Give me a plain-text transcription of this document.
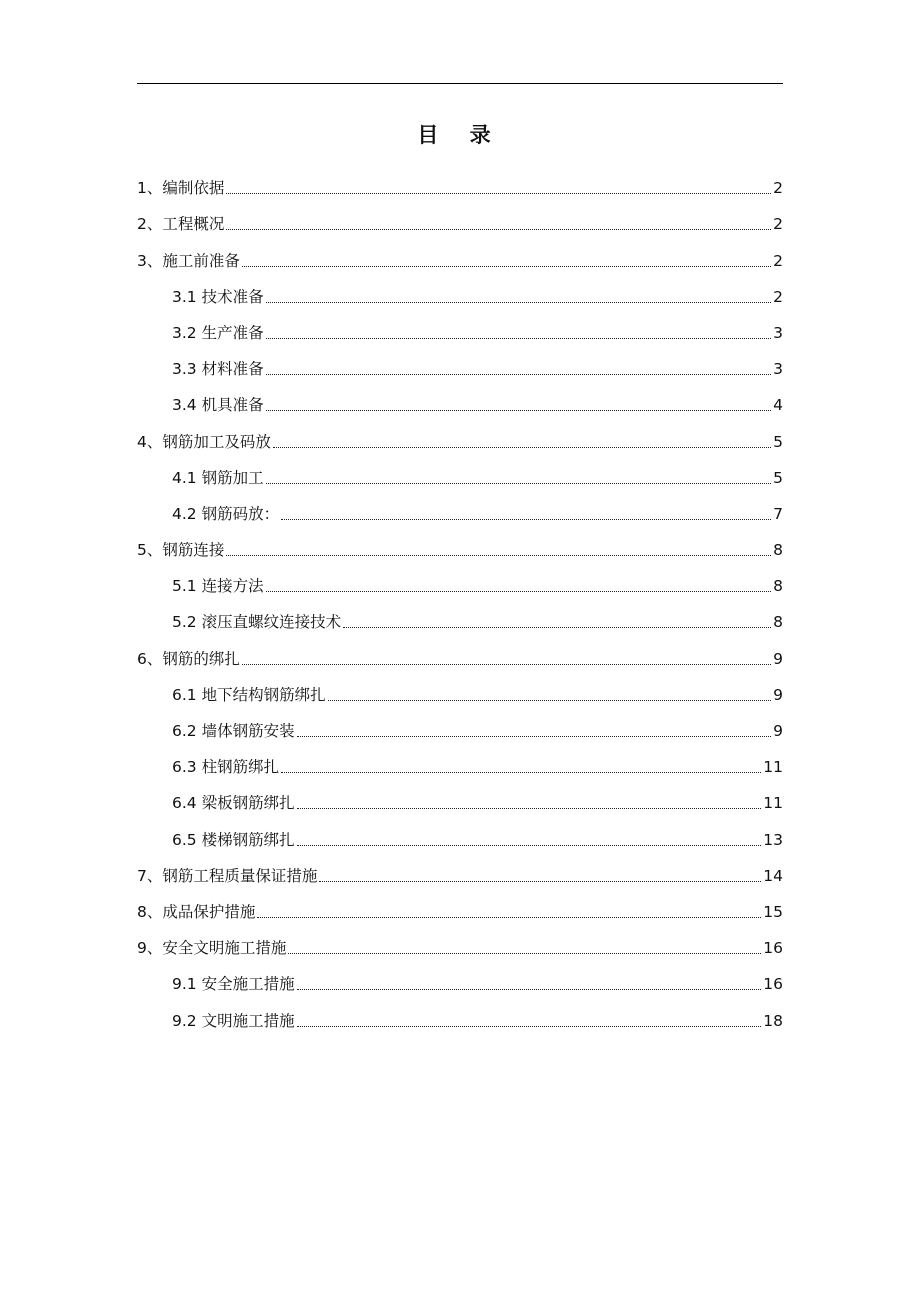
目 录
1、编制依据	2
2、工程概况	2
3、施工前准备	2
3.1 技术准备	2
3.2 生产准备	3
3.3 材料准备	3
3.4 机具准备	4
4、钢筋加工及码放	5
4.1 钢筋加工	5
4.2 钢筋码放：	7
5、钢筋连接	8
5.1 连接方法	8
5.2 滚压直螺纹连接技术	8
6、钢筋的绑扎	9
6.1 地下结构钢筋绑扎	9
6.2 墙体钢筋安装	9
6.3 柱钢筋绑扎	11
6.4 梁板钢筋绑扎	11
6.5 楼梯钢筋绑扎	13
7、钢筋工程质量保证措施	14
8、成品保护措施	15
9、安全文明施工措施	16
9.1 安全施工措施	16
9.2 文明施工措施	18
